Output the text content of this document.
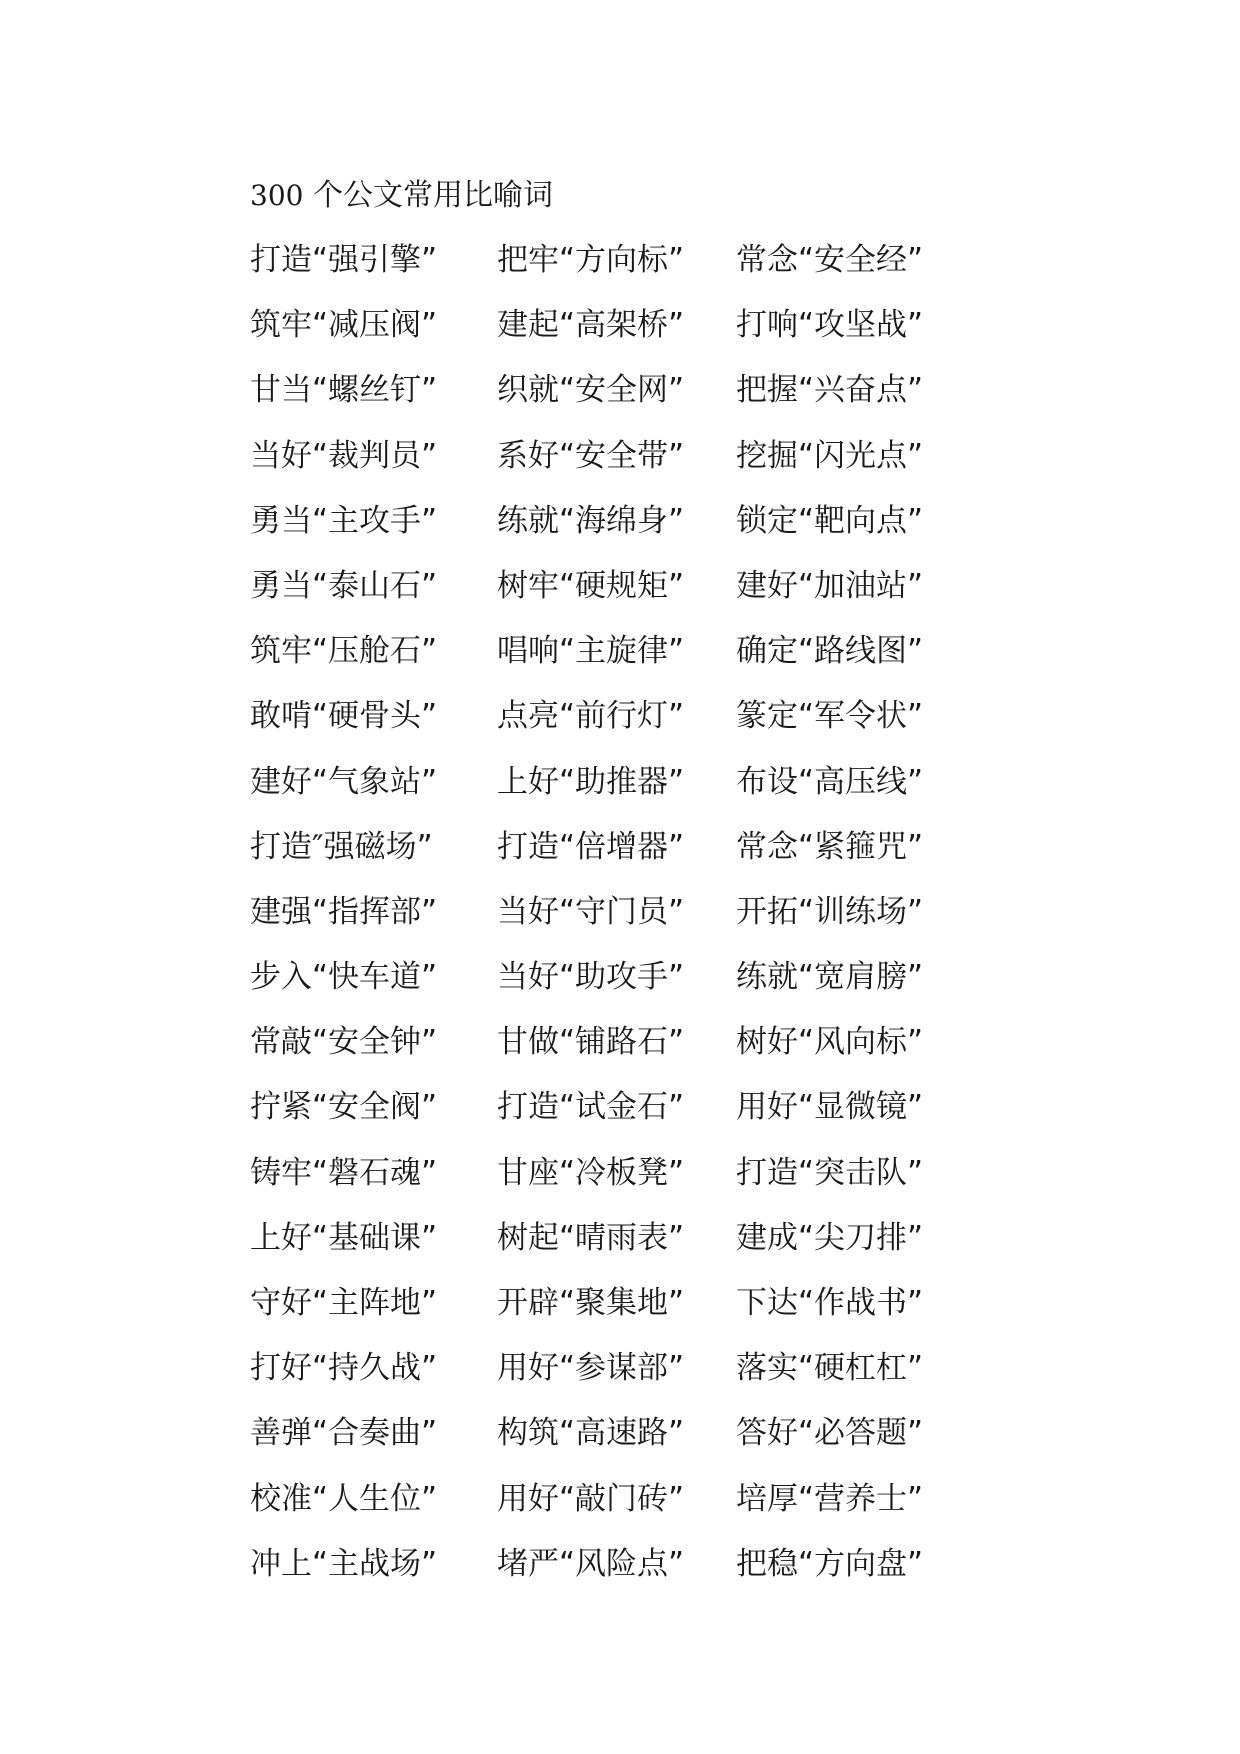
300 个公文常用比喻词
打造“强引擎” 把牢“方向标” 常念“安全经”
筑牢“减压阀” 建起“高架桥” 打响“攻坚战”
甘当“螺丝钉” 织就“安全网” 把握“兴奋点”
当好“裁判员” 系好“安全带” 挖掘“闪光点”
勇当“主攻手” 练就“海绵身” 锁定“靶向点”
勇当“泰山石” 树牢“硬规矩” 建好“加油站”
筑牢“压舱石” 唱响“主旋律” 确定“路线图”
敢啃“硬骨头” 点亮“前行灯” 篆定“军令状”
建好“气象站” 上好“助推器” 布设“高压线”
打造″强磁场” 打造“倍增器” 常念“紧箍咒”
建强“指挥部” 当好“守门员” 开拓“训练场”
步入“快车道” 当好“助攻手” 练就“宽肩膀”
常敲“安全钟” 甘做“铺路石” 树好“风向标”
拧紧“安全阀” 打造“试金石” 用好“显微镜”
铸牢“磐石魂” 甘座“冷板凳” 打造“突击队”
上好“基础课” 树起“晴雨表” 建成“尖刀排”
守好“主阵地” 开辟“聚集地” 下达“作战书”
打好“持久战” 用好“参谋部” 落实“硬杠杠”
善弹“合奏曲” 构筑“高速路” 答好“必答题”
校准“人生位” 用好“敲门砖” 培厚“营养士”
冲上“主战场” 堵严“风险点” 把稳“方向盘”
